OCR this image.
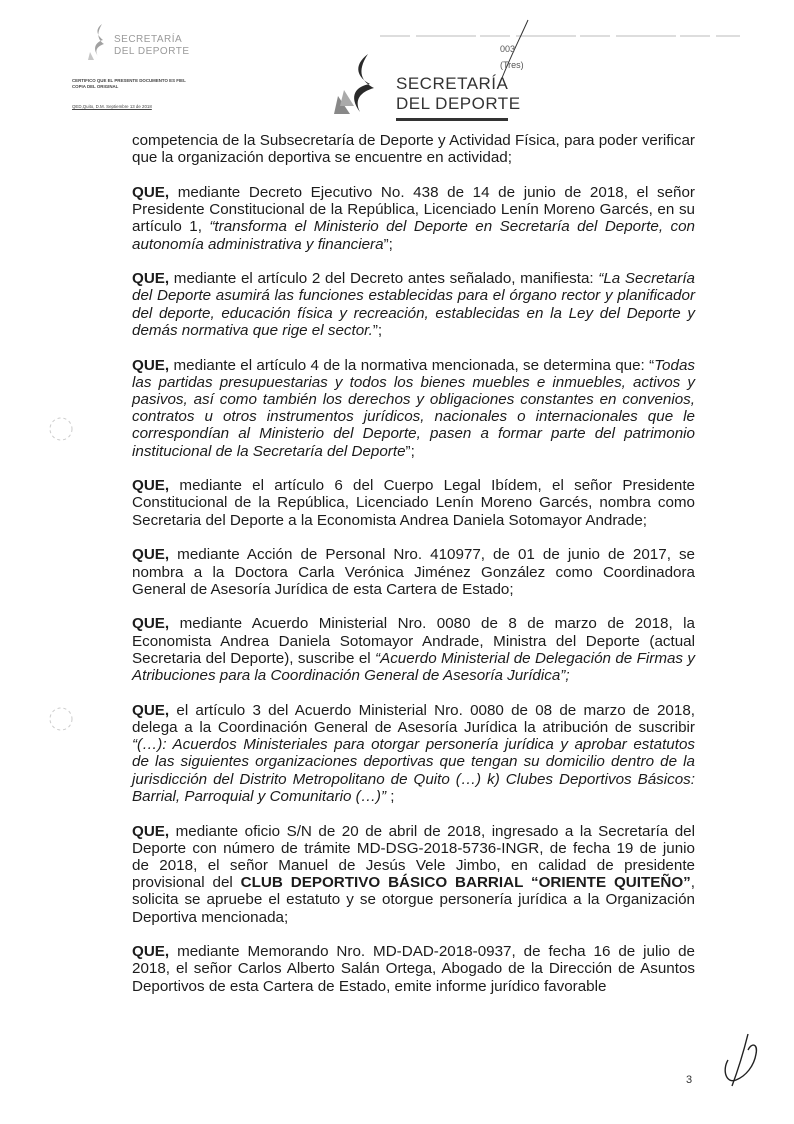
SECRETARÍA
DEL DEPORTE
CERTIFICO QUE EL PRESENTE DOCUMENTO ES FIEL COPIA DEL ORIGINAL
QED,Quito, D.M. Septiembre 13 de 2018
003
(Tres)
SECRETARÍA
DEL DEPORTE

competencia de la Subsecretaría de Deporte y Actividad Física, para poder verificar que la organización deportiva se encuentre en actividad;

QUE, mediante Decreto Ejecutivo No. 438 de 14 de junio de 2018, el señor Presidente Constitucional de la República, Licenciado Lenín Moreno Garcés, en su artículo 1, “transforma el Ministerio del Deporte en Secretaría del Deporte, con autonomía administrativa y financiera”;

QUE, mediante el artículo 2 del Decreto antes señalado, manifiesta: “La Secretaría del Deporte asumirá las funciones establecidas para el órgano rector y planificador del deporte, educación física y recreación, establecidas en la Ley del Deporte y demás normativa que rige el sector.”;

QUE, mediante el artículo 4 de la normativa mencionada, se determina que: “Todas las partidas presupuestarias y todos los bienes muebles e inmuebles, activos y pasivos, así como también los derechos y obligaciones constantes en convenios, contratos u otros instrumentos jurídicos, nacionales o internacionales que le correspondían al Ministerio del Deporte, pasen a formar parte del patrimonio institucional de la Secretaría del Deporte”;

QUE, mediante el artículo 6 del Cuerpo Legal Ibídem, el señor Presidente Constitucional de la República, Licenciado Lenín Moreno Garcés, nombra como Secretaria del Deporte a la Economista Andrea Daniela Sotomayor Andrade;

QUE, mediante Acción de Personal Nro. 410977, de 01 de junio de 2017, se nombra a la Doctora Carla Verónica Jiménez González como Coordinadora General de Asesoría Jurídica de esta Cartera de Estado;

QUE, mediante Acuerdo Ministerial Nro. 0080 de 8 de marzo de 2018, la Economista Andrea Daniela Sotomayor Andrade, Ministra del Deporte (actual Secretaria del Deporte), suscribe el “Acuerdo Ministerial de Delegación de Firmas y Atribuciones para la Coordinación General de Asesoría Jurídica”;

QUE, el artículo 3 del Acuerdo Ministerial Nro. 0080 de 08 de marzo de 2018, delega a la Coordinación General de Asesoría Jurídica la atribución de suscribir “(…): Acuerdos Ministeriales para otorgar personería jurídica y aprobar estatutos de las siguientes organizaciones deportivas que tengan su domicilio dentro de la jurisdicción del Distrito Metropolitano de Quito (…) k) Clubes Deportivos Básicos: Barrial, Parroquial y Comunitario (…)” ;

QUE, mediante oficio S/N de 20 de abril de 2018, ingresado a la Secretaría del Deporte con número de trámite MD-DSG-2018-5736-INGR, de fecha 19 de junio de 2018, el señor Manuel de Jesús Vele Jimbo, en calidad de presidente provisional del CLUB DEPORTIVO BÁSICO BARRIAL “ORIENTE QUITEÑO”, solicita se apruebe el estatuto y se otorgue personería jurídica a la Organización Deportiva mencionada;

QUE, mediante Memorando Nro. MD-DAD-2018-0937, de fecha 16 de julio de 2018, el señor Carlos Alberto Salán Ortega, Abogado de la Dirección de Asuntos Deportivos de esta Cartera de Estado, emite informe jurídico favorable

3
